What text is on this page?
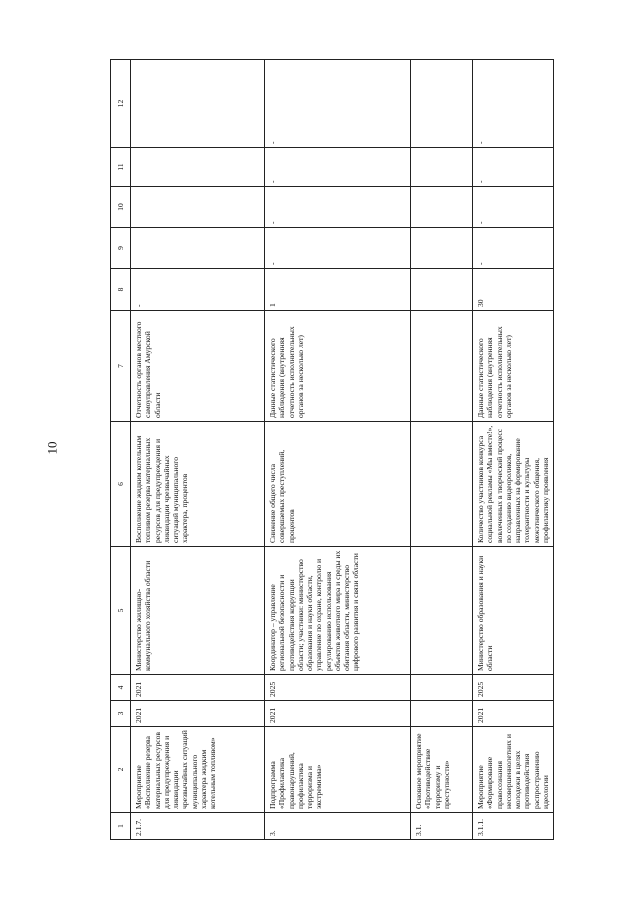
10
1	2	3	4	5	6	7	8	9	10	11	12
2.1.7.	Мероприятие «Восполнение резерва материальных ресурсов для предупреждения и ликвидации чрезвычайных ситуаций муниципального характера жидким котельным топливом»	2021	2021	Министерство жилищно-коммунального хозяйства области	Восполнение жидким котельным топливом резерва материальных ресурсов для предупреждения и ликвидации чрезвычайных ситуаций муниципального характера, процентов	Отчетность органов местного самоуправления Амурской области	-				
3.	Подпрограмма «Профилактика правонарушений, профилактика терроризма и экстремизма»	2021	2025	Координатор – управление региональной безопасности и противодействия коррупции области; участники: министерство образования и науки области, управление по охране, контролю и регулированию использования объектов животного мира и среды их обитания области, министерство цифрового развития и связи области	Снижение общего числа совершаемых преступлений, процентов	Данные статистического наблюдения (внутренняя отчетность исполнительных органов за несколько лет)	1	-	-	-	-
3.1.	Основное мероприятие «Противодействие терроризму и преступности»										
3.1.1.	Мероприятие «Формирование правосознания несовершеннолетних и молодежи в целях противодействия распространению идеологии	2021	2025	Министерство образования и науки области	Количество участников конкурса социальной рекламы «Мы вместе!», вовлеченных в творческий процесс по созданию видеороликов, направленных на формирование толерантности и культуры межэтнического общения, профилактику проявления	Данные статистического наблюдения (внутренняя отчетность исполнительных органов за несколько лет)	30	-	-	-	-
